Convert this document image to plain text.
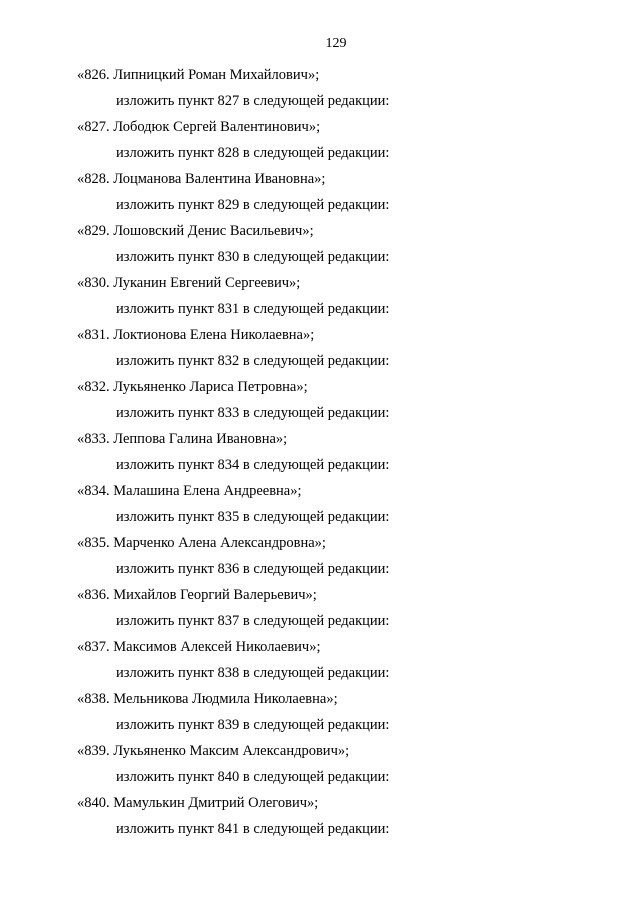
129
«826. Липницкий Роман Михайлович»;
изложить пункт 827 в следующей редакции:
«827. Лободюк Сергей Валентинович»;
изложить пункт 828 в следующей редакции:
«828. Лоцманова Валентина Ивановна»;
изложить пункт 829 в следующей редакции:
«829. Лошовский Денис Васильевич»;
изложить пункт 830 в следующей редакции:
«830. Луканин Евгений Сергеевич»;
изложить пункт 831 в следующей редакции:
«831. Локтионова Елена Николаевна»;
изложить пункт 832 в следующей редакции:
«832. Лукьяненко Лариса Петровна»;
изложить пункт 833 в следующей редакции:
«833. Леппова Галина Ивановна»;
изложить пункт 834 в следующей редакции:
«834. Малашина Елена Андреевна»;
изложить пункт 835 в следующей редакции:
«835. Марченко Алена Александровна»;
изложить пункт 836 в следующей редакции:
«836. Михайлов Георгий Валерьевич»;
изложить пункт 837 в следующей редакции:
«837. Максимов Алексей Николаевич»;
изложить пункт 838 в следующей редакции:
«838. Мельникова Людмила Николаевна»;
изложить пункт 839 в следующей редакции:
«839. Лукьяненко Максим Александрович»;
изложить пункт 840 в следующей редакции:
«840. Мамулькин Дмитрий Олегович»;
изложить пункт 841 в следующей редакции:
